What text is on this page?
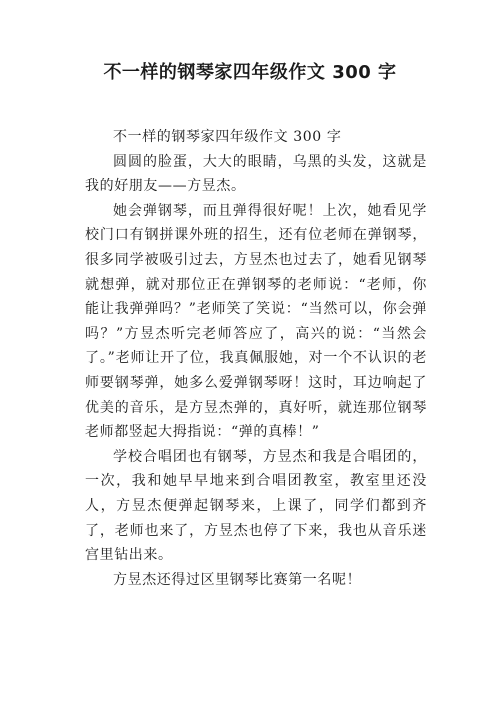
不一样的钢琴家四年级作文 300 字

不一样的钢琴家四年级作文 300 字

圆圆的脸蛋，大大的眼睛，乌黑的头发，这就是我的好朋友——方昱杰。

她会弹钢琴，而且弹得很好呢！上次，她看见学校门口有钢拼课外班的招生，还有位老师在弹钢琴，很多同学被吸引过去，方昱杰也过去了，她看见钢琴就想弹，就对那位正在弹钢琴的老师说：“老师，你能让我弹弹吗？”老师笑了笑说：“当然可以，你会弹吗？”方昱杰听完老师答应了，高兴的说：“当然会了。”老师让开了位，我真佩服她，对一个不认识的老师要钢琴弹，她多么爱弹钢琴呀！这时，耳边响起了优美的音乐，是方昱杰弹的，真好听，就连那位钢琴老师都竖起大拇指说：“弹的真棒！”

学校合唱团也有钢琴，方昱杰和我是合唱团的，一次，我和她早早地来到合唱团教室，教室里还没人，方昱杰便弹起钢琴来，上课了，同学们都到齐了，老师也来了，方昱杰也停了下来，我也从音乐迷宫里钻出来。

方昱杰还得过区里钢琴比赛第一名呢！
